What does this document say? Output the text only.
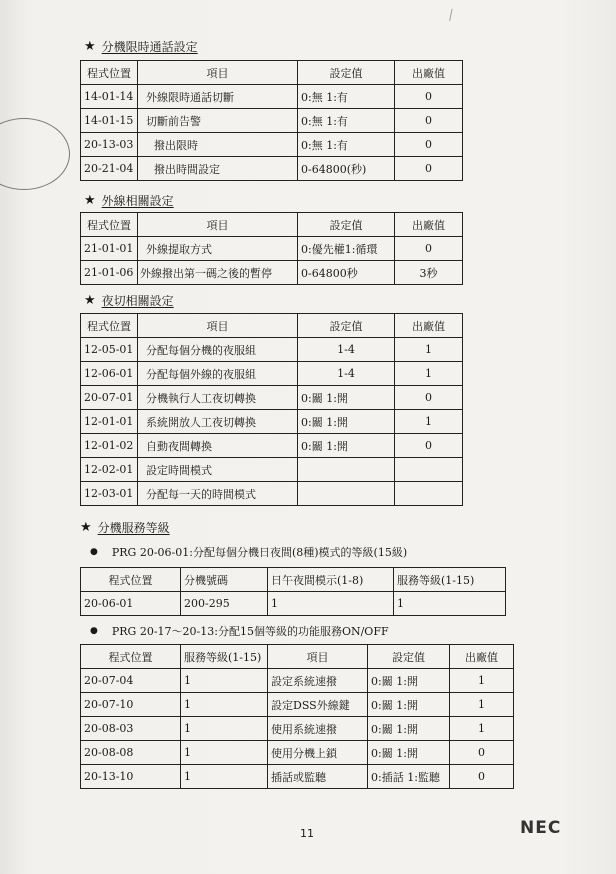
⁄
★ 分機限時通話設定
程式位置	項目	設定值	出廠值
14-01-14	外線限時通話切斷	0:無 1:有	0
14-01-15	切斷前告警	0:無 1:有	0
20-13-03	撥出限時	0:無 1:有	0
20-21-04	撥出時間設定	0-64800(秒)	0
★ 外線相關設定
程式位置	項目	設定值	出廠值
21-01-01	外線提取方式	0:優先權1:循環	0
21-01-06	外線撥出第一碼之後的暫停	0-64800秒	3秒
★ 夜切相關設定
程式位置	項目	設定值	出廠值
12-05-01	分配每個分機的夜服組	1-4	1
12-06-01	分配每個外線的夜服組	1-4	1
20-07-01	分機執行人工夜切轉換	0:關 1:開	0
12-01-01	系統開放人工夜切轉換	0:關 1:開	1
12-01-02	自動夜間轉換	0:關 1:開	0
12-02-01	設定時間模式		
12-03-01	分配每一天的時間模式		
★ 分機服務等級
● PRG 20-06-01:分配每個分機日夜間(8種)模式的等級(15級)
程式位置	分機號碼	日午夜間模示(1-8)	服務等級(1-15)
20-06-01	200-295	1	1
● PRG 20-17～20-13:分配15個等級的功能服務ON/OFF
程式位置	服務等級(1-15)	項目	設定值	出廠值
20-07-04	1	設定系統速撥	0:關 1:開	1
20-07-10	1	設定DSS外線鍵	0:關 1:開	1
20-08-03	1	使用系統速撥	0:關 1:開	1
20-08-08	1	使用分機上鎖	0:關 1:開	0
20-13-10	1	插話或監聽	0:插話 1:監聽	0
11	NEC
